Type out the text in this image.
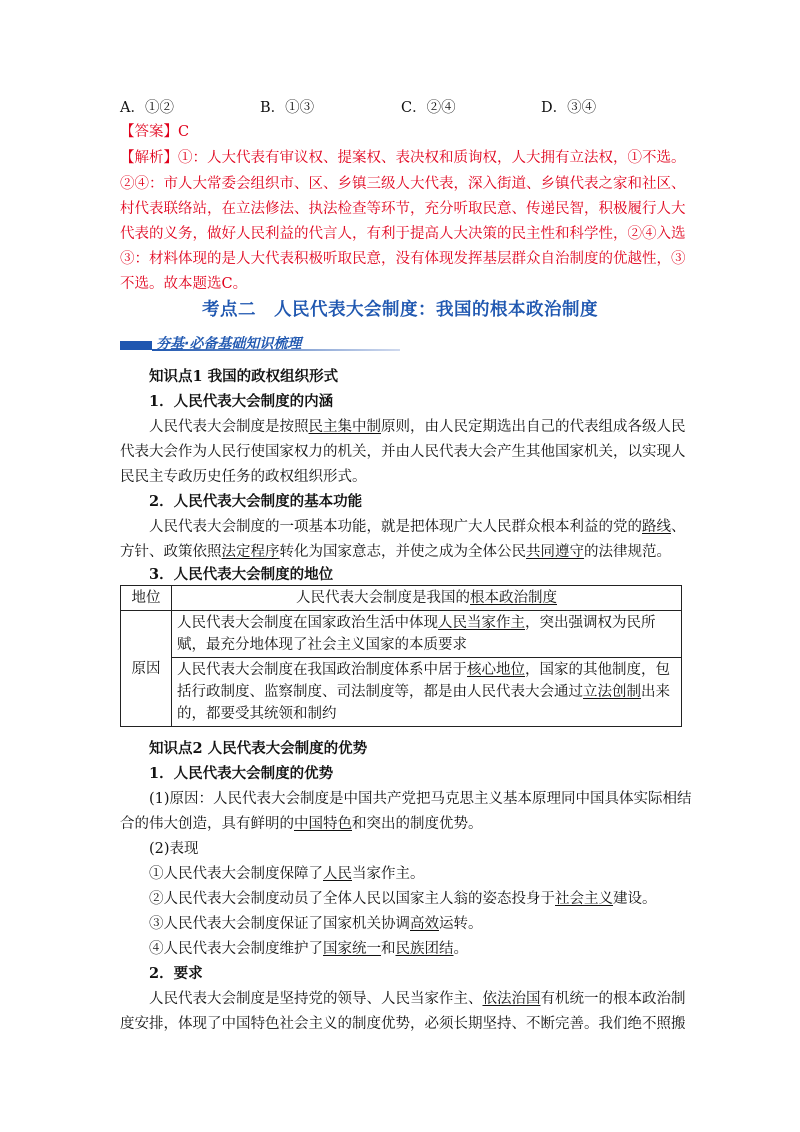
A．①②	B．①③	C．②④	D．③④
【答案】C
【解析】①：人大代表有审议权、提案权、表决权和质询权，人大拥有立法权，①不选。
②④：市人大常委会组织市、区、乡镇三级人大代表，深入街道、乡镇代表之家和社区、
村代表联络站，在立法修法、执法检查等环节，充分听取民意、传递民智，积极履行人大
代表的义务，做好人民利益的代言人，有利于提高人大决策的民主性和科学性，②④入选
③：材料体现的是人大代表积极听取民意，没有体现发挥基层群众自治制度的优越性，③
不选。故本题选C。
考点二　人民代表大会制度：我国的根本政治制度
夯基·必备基础知识梳理
知识点1 我国的政权组织形式
1．人民代表大会制度的内涵
人民代表大会制度是按照民主集中制原则，由人民定期选出自己的代表组成各级人民
代表大会作为人民行使国家权力的机关，并由人民代表大会产生其他国家机关，以实现人
民民主专政历史任务的政权组织形式。
2．人民代表大会制度的基本功能
人民代表大会制度的一项基本功能，就是把体现广大人民群众根本利益的党的路线、
方针、政策依照法定程序转化为国家意志，并使之成为全体公民共同遵守的法律规范。
3．人民代表大会制度的地位
地位	人民代表大会制度是我国的根本政治制度
原因	人民代表大会制度在国家政治生活中体现人民当家作主，突出强调权为民所赋，最充分地体现了社会主义国家的本质要求
	人民代表大会制度在我国政治制度体系中居于核心地位，国家的其他制度，包括行政制度、监察制度、司法制度等，都是由人民代表大会通过立法创制出来的，都要受其统领和制约
知识点2 人民代表大会制度的优势
1．人民代表大会制度的优势
(1)原因：人民代表大会制度是中国共产党把马克思主义基本原理同中国具体实际相结
合的伟大创造，具有鲜明的中国特色和突出的制度优势。
(2)表现
①人民代表大会制度保障了人民当家作主。
②人民代表大会制度动员了全体人民以国家主人翁的姿态投身于社会主义建设。
③人民代表大会制度保证了国家机关协调高效运转。
④人民代表大会制度维护了国家统一和民族团结。
2．要求
人民代表大会制度是坚持党的领导、人民当家作主、依法治国有机统一的根本政治制
度安排，体现了中国特色社会主义的制度优势，必须长期坚持、不断完善。我们绝不照搬
